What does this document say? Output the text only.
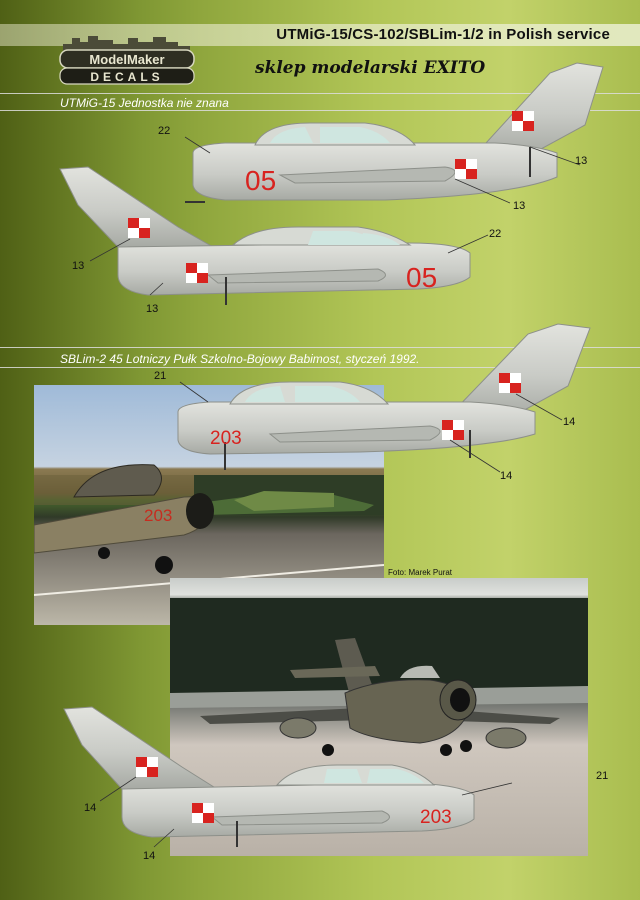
UTMiG-15/CS-102/SBLim-1/2 in Polish service
ModelMaker
DECALS	sklep modelarski EXITO
UTMiG-15 Jednostka nie znana
05
22
13
13
05
22
13
13
SBLim-2 45 Lotniczy Pułk Szkolno-Bojowy Babimost, styczeń 1992.
203
Foto: Marek Purat
203
21
14
14
203
21
14
14
